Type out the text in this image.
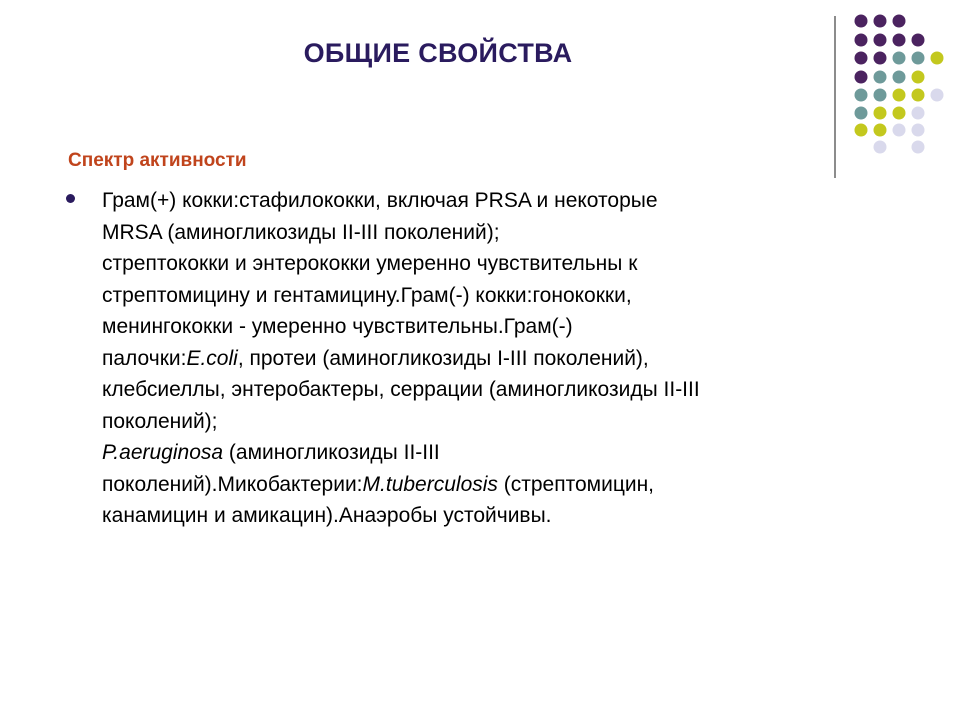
ОБЩИЕ СВОЙСТВА
Спектр активности
Грам(+) кокки:стафилококки, включая PRSA и некоторые
MRSA (аминогликозиды II-III поколений);
стрептококки и энтерококки умеренно чувствительны к
стрептомицину и гентамицину.Грам(-) кокки:гонококки,
менингококки - умеренно чувствительны.Грам(-)
палочки:E.coli, протеи (аминогликозиды I-III поколений),
клебсиеллы, энтеробактеры, серрации (аминогликозиды II-III
поколений);
P.aeruginosa (аминогликозиды II-III
поколений).Микобактерии:M.tuberculosis (стрептомицин,
канамицин и амикацин).Анаэробы устойчивы.
